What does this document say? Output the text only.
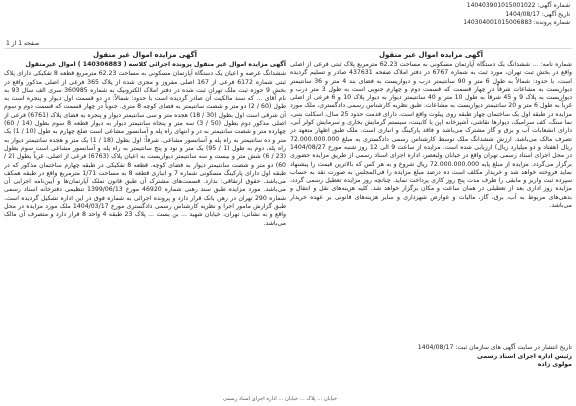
شماره آگهی: 140403901015001022
تاریخ آگهی: 1404/08/17
شماره پرونده: 140304001015006883
صفحه 1 از 1
آگهی مزایده اموال غیر منقول

شماره نامه: ... ششدانگ یک دستگاه آپارتمان مسکونی به مساحت 62.23 مترمربع پلاک ثبتی فرعی از اصلی واقع در بخش ثبت تهران، مورد ثبت به شماره 6767 در دفتر املاک صفحه 437631 صادر و تسلیم گردیده است، با حدود: شمالاً به طول 6 متر و 90 سانتیمتر درب و دیواریست به فضای بند 4 متر و 36 سانتیمتر دیواریست به مشاعات شرقاً در چهار قسمت که قسمت دوم و چهارم جنوبی است به طول 3 متر درب و دیواریست به پلاک 9 و 45 شرقاً به طول 10 متر و 40 سانتیمتر دیوار به دیوار پلاک 10 و 6 فرعی از اصلی غرباً به طول 6 متر و 20 سانتیمتر دیواریست به مشاعات. طبق نظریه کارشناس رسمی دادگستری، ملک مورد مزایده در طبقه اول یک ساختمان چهار طبقه روی پیلوت واقع است، دارای قدمت حدود 25 سال، اسکلت بتنی، نما سنگ، کف سرامیک، دیوارها نقاشی، آشپزخانه اپن با کابینت، سیستم گرمایش بخاری و سرمایش کولر آبی، دارای انشعابات آب و برق و گاز مشترک می‌باشد و فاقد پارکینگ و انباری است. ملک طبق اظهار متعهد در تصرف مالک می‌باشد. ارزش ششدانگ ملک توسط کارشناس رسمی دادگستری به مبلغ 72.000.000.000 ریال (هفتاد و دو میلیارد ریال) ارزیابی شده است. مزایده از ساعت 9 الی 12 روز شنبه مورخ 1404/08/27 در محل اجرای اسناد رسمی تهران واقع در خیابان ولیعصر، اداره اجرای اسناد رسمی از طریق مزایده حضوری برگزار می‌گردد. مزایده از مبلغ پایه 72.000.000.000 ریال شروع و به هر کس که بالاترین قیمت را پیشنهاد نماید فروخته خواهد شد و خریدار مکلف است ده درصد مبلغ مزایده را فی‌المجلس به صورت نقد به حساب سپرده ثبت واریز و مابقی را ظرف مدت پنج روز کاری پرداخت نماید. چنانچه روز مزایده تعطیل رسمی گردد، مزایده روز اداری بعد از تعطیلی در همان ساعت و مکان برگزار خواهد شد. کلیه هزینه‌های نقل و انتقال و بدهی‌های مربوط به آب، برق، گاز، مالیات و عوارض شهرداری و سایر هزینه‌های قانونی بر عهده خریدار می‌باشد.

آگهی مزایده اموال غیر منقول
آگهی مزایده اموال غیر منقول پرونده اجرائی کلاسه ( 140306883 ) اموال غیرمنقول

ششدانگ عرصه و اعیان یک دستگاه آپارتمان مسکونی به مساحت 62.23 مترمربع قطعه 8 تفکیکی دارای پلاک ثبتی شماره 6172 فرعی از 167 اصلی مفروز و مجزی شده از پلاک 365 فرعی از اصلی مذکور واقع در بخش 9 حوزه ثبت ملک تهران ثبت شده در دفتر املاک الکترونیک به شماره 360985 سری الف سال 93 به نام آقای ... که سند مالکیت آن صادر گردیده است با حدود: شمالاً: در دو قسمت اول دیوار و پنجره است به طول (60 / 2) دو متر و شصت سانتیمتر به فضای کوچه 8 متری. جنوباً در چهار قسمت که قسمت دوم و سوم آن شرقی است اول بطول (30 / 18) هجده متر و سی سانتیمتر دیوار و پنجره به فضای پلاک (6761) فرعی از اصلی مذکور دوم بطول (50 / 3) سه متر و پنجاه سانتیمتر دیوار به دیوار قطعه 8 سوم بطول (14 / 60) چهارده متر و شصت سانتیمتر به در و انتهای راه پله و آسانسور مشاعی است ضلع چهارم به طول (10 / 1) یک متر و ده سانتیمتر به راه پله و آسانسور مشاعی. شرقاً: اول بطول (18 / 1) یک متر و هجده سانتیمتر دیوار به راه پله، دوم به طول (1 / 95) یک متر و نود و پنج سانتیمتر به راه پله و آسانسور مشاعی است سوم بطول (23 / 6) شش متر و بیست و سه سانتیمتر دیواریست به اعیان پلاک (6763) فرعی از اصلی، غرباً بطول (2 / 60) دو متر و شصت سانتیمتر دیوار به فضای کوچه. قطعه 8 تفکیکی در طبقه چهارم ساختمان مذکور که در طبقه اول دارای پارکینگ مسکونی شماره 7 و انباری قطعه 8 به مساحت 1/71 مترمربع واقع در طبقه همکف می‌باشد. حقوق ارتفاقی: ندارد. قسمت‌های مشترک آن طبق قانون تملک آپارتمان‌ها و آیین‌نامه اجرایی آن می‌باشد. مورد مزایده طبق سند رهنی شماره 46920 مورخ 1399/06/13 تنظیمی دفترخانه اسناد رسمی شماره 290 تهران در رهن بانک قرار دارد و پرونده اجرائی به شماره فوق در این اداره تشکیل گردیده است. طبق گزارش مامور اجرا و نظریه کارشناس رسمی دادگستری مورخ 1404/03/17 ملک مورد مزایده در محل واقع و به نشانی: تهران، خیابان شهید ... بن بست ... پلاک 23 طبقه 4 واحد 8 قرار دارد و متصرف آن مالک می‌باشد.

تاریخ انتشار در سایت آگهی های سازمان ثبت: 1404/08/17
رئیس اداره اجرای اسناد رسمی
مولوی زاده
خیابان ... پلاک ... خیابان ... اداره اجرای اسناد رسمی
